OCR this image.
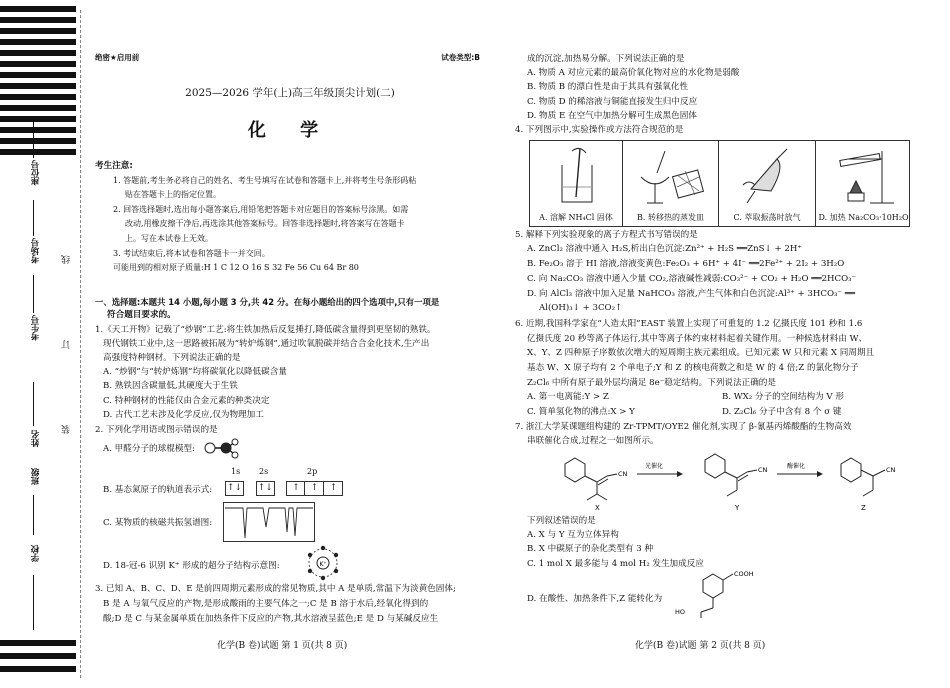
座位号
考场号
考生号
姓名
班级
学校
线
订
装
绝密★启用前	试卷类型:B
2025—2026 学年(上)高三年级顶尖计划(二)
化 学
考生注意:
1. 答题前,考生务必将自己的姓名、考生号填写在试卷和答题卡上,并将考生号条形码粘
贴在答题卡上的指定位置。
2. 回答选择题时,选出每小题答案后,用铅笔把答题卡对应题目的答案标号涂黑。如需
改动,用橡皮擦干净后,再选涂其他答案标号。回答非选择题时,将答案写在答题卡
上。写在本试卷上无效。
3. 考试结束后,将本试卷和答题卡一并交回。
可能用到的相对原子质量:H 1 C 12 O 16 S 32 Fe 56 Cu 64 Br 80
一、选择题:本题共 14 小题,每小题 3 分,共 42 分。在每小题给出的四个选项中,只有一项是
符合题目要求的。
1.《天工开物》记载了“炒钢”工艺:将生铁加热后反复捶打,降低碳含量得到更坚韧的熟铁。
现代钢铁工业中,这一思路被拓展为“转炉炼钢”,通过吹氧脱碳并结合合金化技术,生产出
高强度特种钢材。下列说法正确的是
A. “炒钢”与“转炉炼钢”均将碳氧化以降低碳含量
B. 熟铁因含碳量低,其硬度大于生铁
C. 特种钢材的性能仅由合金元素的种类决定
D. 古代工艺未涉及化学反应,仅为物理加工
2. 下列化学用语或图示错误的是
A. 甲醛分子的球棍模型:
1s 2s	2p
B. 基态氮原子的轨道表示式: ↑↓ ↑↓ ↑ ↑ ↑
C. 某物质的核磁共振氢谱图:
D. 18-冠-6 识别 K⁺ 形成的超分子结构示意图:	K⁺
3. 已知 A、B、C、D、E 是前四周期元素形成的常见物质,其中 A 是单质,常温下为淡黄色固体;
B 是 A 与氧气反应的产物,是形成酸雨的主要气体之一;C 是 B 溶于水后,经氧化得到的
酸;D 是 C 与某金属单质在加热条件下反应的产物,其水溶液呈蓝色;E 是 D 与某碱反应生
化学(B 卷)试题 第 1 页(共 8 页)
成的沉淀,加热易分解。下列说法正确的是
A. 物质 A 对应元素的最高价氧化物对应的水化物是弱酸
B. 物质 B 的漂白性是由于其具有强氧化性
C. 物质 D 的稀溶液与铜能直接发生归中反应
D. 物质 E 在空气中加热分解可生成黑色固体
4. 下列图示中,实验操作或方法符合规范的是
A. 溶解 NH₄Cl 固体	B. 转移热的蒸发皿	C. 萃取振荡时放气	D. 加热 Na₂CO₃·10H₂O
5. 解释下列实验现象的离子方程式书写错误的是
A. ZnCl₂ 溶液中通入 H₂S,析出白色沉淀:Zn²⁺ + H₂S ══ZnS↓ + 2H⁺
B. Fe₂O₃ 溶于 HI 溶液,溶液变黄色:Fe₂O₃ + 6H⁺ + 4I⁻ ══2Fe²⁺ + 2I₂ + 3H₂O
C. 向 Na₂CO₃ 溶液中通入少量 CO₂,溶液碱性减弱:CO₃²⁻ + CO₂ + H₂O ══2HCO₃⁻
D. 向 AlCl₃ 溶液中加入足量 NaHCO₃ 溶液,产生气体和白色沉淀:Al³⁺ + 3HCO₃⁻ ══
Al(OH)₃↓ + 3CO₂↑
6. 近期,我国科学家在“人造太阳”EAST 装置上实现了可重复的 1.2 亿摄氏度 101 秒和 1.6
亿摄氏度 20 秒等离子体运行,其中等离子体约束材料起着关键作用。一种候选材料由 W、
X、Y、Z 四种原子序数依次增大的短周期主族元素组成。已知元素 W 只和元素 X 同周期且
基态 W、X 原子均有 2 个单电子;Y 和 Z 的核电荷数之和是 W 的 4 倍;Z 的氯化物分子
Z₂Cl₆ 中所有原子最外层均满足 8e⁻稳定结构。下列说法正确的是
A. 第一电离能:Y > Z	B. WX₂ 分子的空间结构为 V 形
C. 简单氢化物的沸点:X > Y	D. Z₂Cl₆ 分子中含有 8 个 σ 键
7. 浙江大学某课题组构建的 Zr-TPMT/OYE2 催化剂,实现了 β-氰基丙烯酸酯的生物高效
串联催化合成,过程之一如图所示。
CN
X
光催化	CN
Y
酶催化	CN
Z
下列叙述错误的是
A. X 与 Y 互为立体异构
B. X 中碳原子的杂化类型有 3 种
C. 1 mol X 最多能与 4 mol H₂ 发生加成反应
D. 在酸性、加热条件下,Z 能转化为
COOH
HO
化学(B 卷)试题 第 2 页(共 8 页)
